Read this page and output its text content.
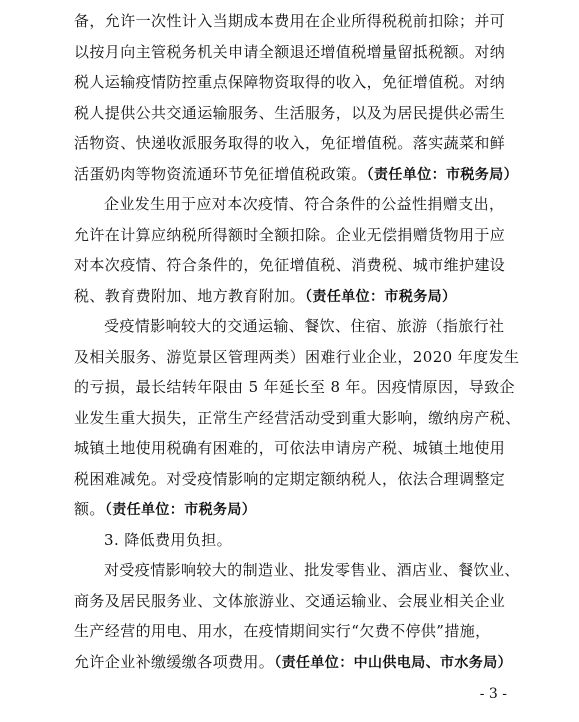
备，允许一次性计入当期成本费用在企业所得税税前扣除；并可
以按月向主管税务机关申请全额退还增值税增量留抵税额。对纳
税人运输疫情防控重点保障物资取得的收入，免征增值税。对纳
税人提供公共交通运输服务、生活服务，以及为居民提供必需生
活物资、快递收派服务取得的收入，免征增值税。落实蔬菜和鲜
活蛋奶肉等物资流通环节免征增值税政策。（责任单位：市税务局）
企业发生用于应对本次疫情、符合条件的公益性捐赠支出，
允许在计算应纳税所得额时全额扣除。企业无偿捐赠货物用于应
对本次疫情、符合条件的，免征增值税、消费税、城市维护建设
税、教育费附加、地方教育附加。（责任单位：市税务局）
受疫情影响较大的交通运输、餐饮、住宿、旅游（指旅行社
及相关服务、游览景区管理两类）困难行业企业，2020 年度发生
的亏损，最长结转年限由 5 年延长至 8 年。因疫情原因，导致企
业发生重大损失，正常生产经营活动受到重大影响，缴纳房产税、
城镇土地使用税确有困难的，可依法申请房产税、城镇土地使用
税困难减免。对受疫情影响的定期定额纳税人，依法合理调整定
额。（责任单位：市税务局）
3. 降低费用负担。
对受疫情影响较大的制造业、批发零售业、酒店业、餐饮业、
商务及居民服务业、文体旅游业、交通运输业、会展业相关企业
生产经营的用电、用水，在疫情期间实行“欠费不停供”措施，
允许企业补缴缓缴各项费用。（责任单位：中山供电局、市水务局）
- 3 -
